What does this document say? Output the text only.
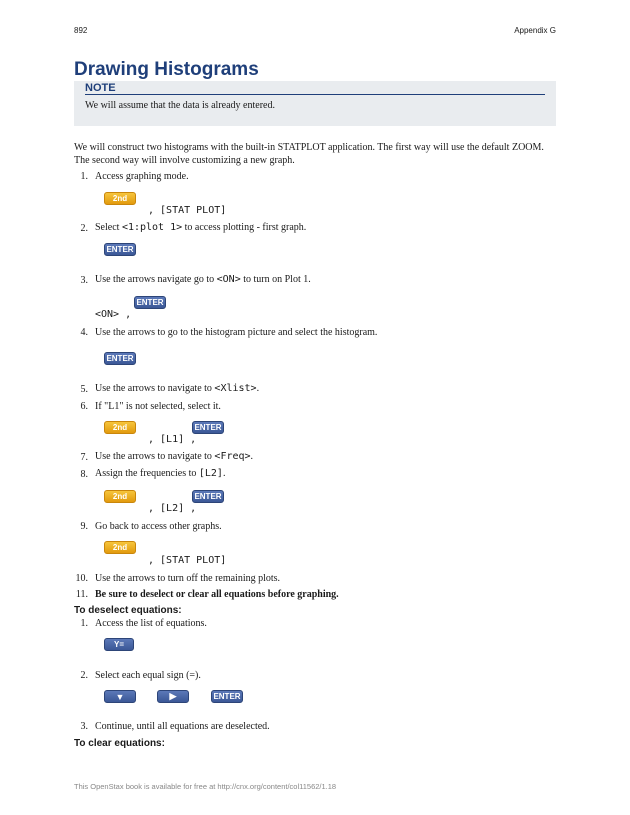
892	Appendix G
Drawing Histograms
NOTE
We will assume that the data is already entered.
We will construct two histograms with the built-in STATPLOT application. The first way will use the default ZOOM. The second way will involve customizing a new graph.
1. Access graphing mode.
2nd
, [STAT PLOT]
2. Select <1:plot 1> to access plotting - first graph.
ENTER
3. Use the arrows navigate go to <ON> to turn on Plot 1.
ENTER
<ON> ,
4. Use the arrows to go to the histogram picture and select the histogram.
ENTER
5. Use the arrows to navigate to <Xlist>.
6. If "L1" is not selected, select it.
2nd	ENTER
, [L1] ,
7. Use the arrows to navigate to <Freq>.
8. Assign the frequencies to [L2].
2nd	ENTER
, [L2] ,
9. Go back to access other graphs.
2nd
, [STAT PLOT]
10. Use the arrows to turn off the remaining plots.
11. Be sure to deselect or clear all equations before graphing.
To deselect equations:
1. Access the list of equations.
Y=
2. Select each equal sign (=).
▼	▶	ENTER
3. Continue, until all equations are deselected.
To clear equations:
This OpenStax book is available for free at http://cnx.org/content/col11562/1.18
